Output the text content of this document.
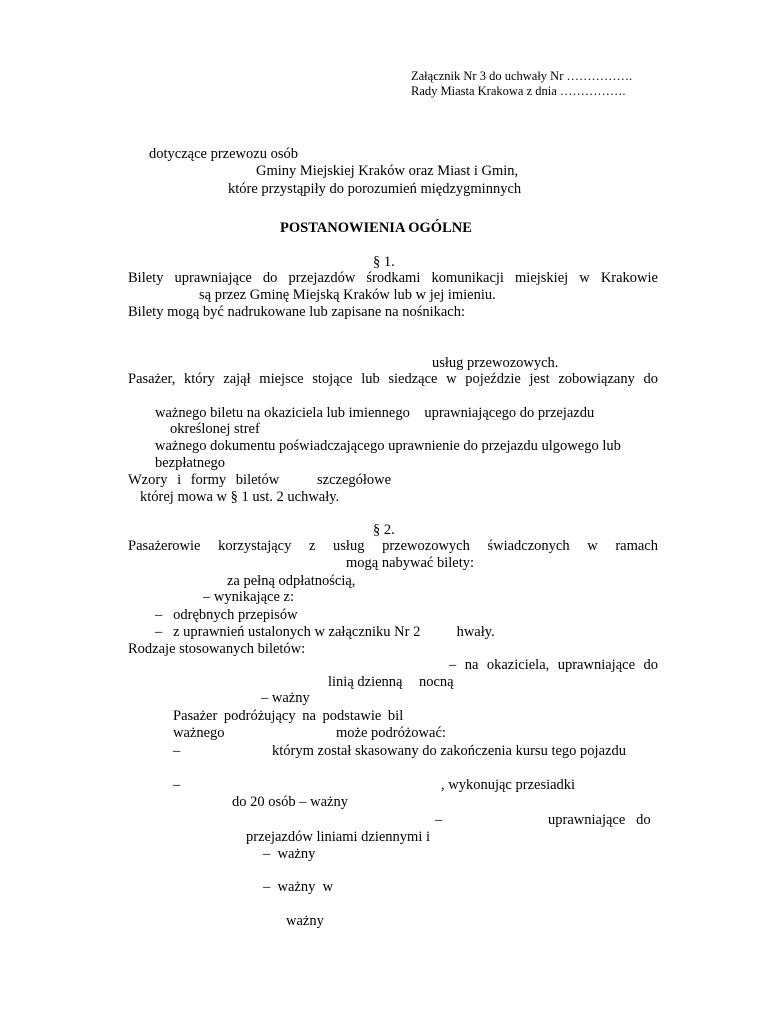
Załącznik Nr 3 do uchwały Nr …………….
Rady Miasta Krakowa z dnia …………….
dotyczące przewozu osób
Gminy Miejskiej Kraków oraz Miast i Gmin,
które przystąpiły do porozumień międzygminnych
POSTANOWIENIA OGÓLNE
§ 1.
Bilety uprawniające do przejazdów środkami komunikacji miejskiej w Krakowie
są przez Gminę Miejską Kraków lub w jej imieniu.
Bilety mogą być nadrukowane lub zapisane na nośnikach:
usług przewozowych.
Pasażer, który zajął miejsce stojące lub siedzące w pojeździe jest zobowiązany do
ważnego biletu na okaziciela lub imiennego    uprawniającego do przejazdu
określonej stref
ważnego dokumentu poświadczającego uprawnienie do przejazdu ulgowego lub
bezpłatnego
Wzory i formy biletów	szczegółowe
której mowa w § 1 ust. 2 uchwały.
§ 2.
Pasażerowie korzystający z usług przewozowych świadczonych w ramach
mogą nabywać bilety:
za pełną odpłatnością,
– wynikające z:
–   odrębnych przepisów
–   z uprawnień ustalonych w załączniku Nr 2          hwały.
Rodzaje stosowanych biletów:
– na okaziciela, uprawniające do
linią dzienną nocną
– ważny
Pasażer podróżujący na podstawie bil
ważnego	może podróżować:
–	którym został skasowany do zakończenia kursu tego pojazdu
–	, wykonując przesiadki
do 20 osób – ważny
–	uprawniające   do
przejazdów liniami dziennymi i
–  ważny
–  ważny  w
ważny
